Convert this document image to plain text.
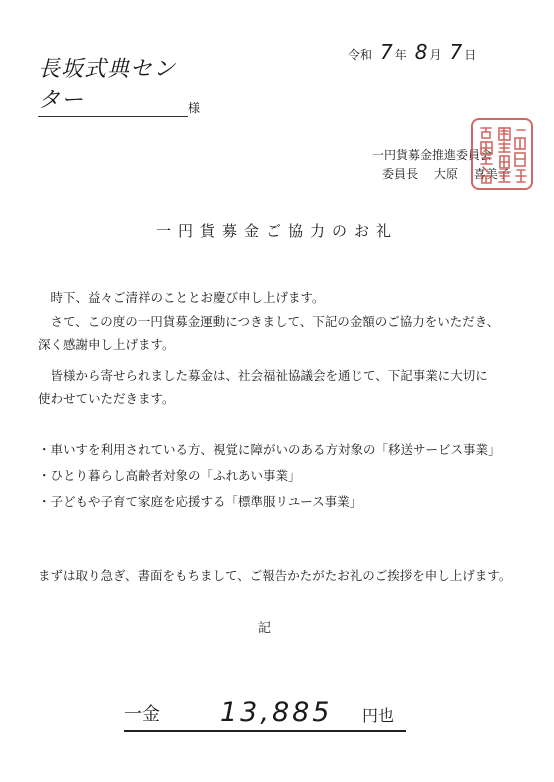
令和 7 年 8 月 7 日
長坂式典センター	様
一円貨募金推進委員会
委員長 大原 喜美子
一円貨募金ご協力のお礼

時下、益々ご清祥のこととお慶び申し上げます。

さて、この度の一円貨募金運動につきまして、下記の金額のご協力をいただき、

深く感謝申し上げます。

皆様から寄せられました募金は、社会福祉協議会を通じて、下記事業に大切に

使わせていただきます。

・車いすを利用されている方、視覚に障がいのある方対象の「移送サービス事業」
・ひとり暮らし高齢者対象の「ふれあい事業」
・子どもや子育て家庭を応援する「標準服リユース事業」
まずは取り急ぎ、書面をもちまして、ご報告かたがたお礼のご挨拶を申し上げます。
記
一金 13,885 円也
